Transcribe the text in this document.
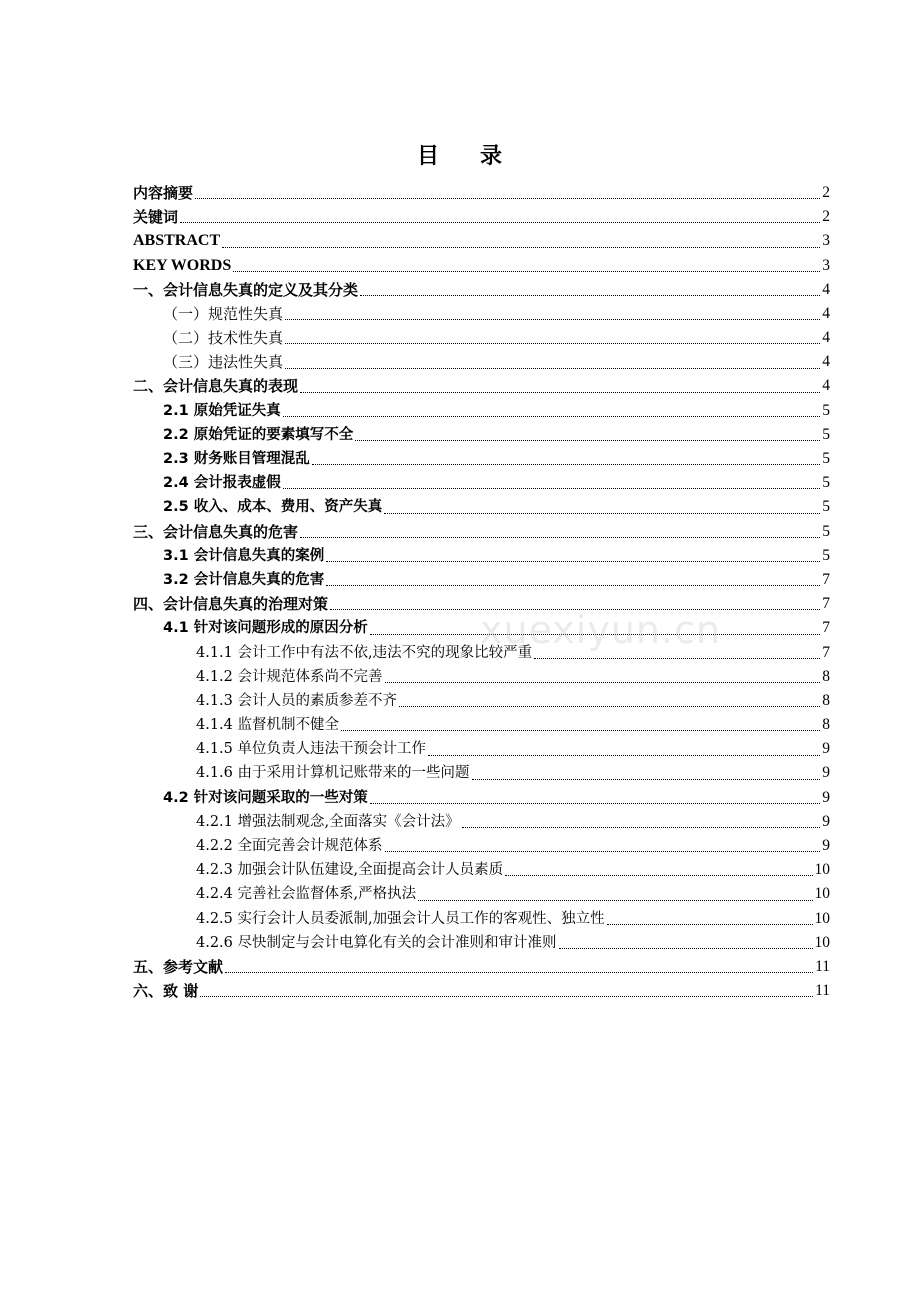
目 录
内容摘要	2
关键词	2
ABSTRACT	3
KEY WORDS	3
一、会计信息失真的定义及其分类	4
（一）规范性失真	4
（二）技术性失真	4
（三）违法性失真	4
二、会计信息失真的表现	4
2.1 原始凭证失真	5
2.2 原始凭证的要素填写不全	5
2.3 财务账目管理混乱	5
2.4 会计报表虚假	5
2.5 收入、成本、费用、资产失真	5
三、会计信息失真的危害	5
3.1 会计信息失真的案例	5
3.2 会计信息失真的危害	7
四、会计信息失真的治理对策	7
4.1 针对该问题形成的原因分析	7
4.1.1 会计工作中有法不依,违法不究的现象比较严重	7
4.1.2 会计规范体系尚不完善	8
4.1.3 会计人员的素质参差不齐	8
4.1.4 监督机制不健全	8
4.1.5 单位负责人违法干预会计工作	9
4.1.6 由于采用计算机记账带来的一些问题	9
4.2 针对该问题采取的一些对策	9
4.2.1 增强法制观念,全面落实《会计法》	9
4.2.2 全面完善会计规范体系	9
4.2.3 加强会计队伍建设,全面提高会计人员素质	10
4.2.4 完善社会监督体系,严格执法	10
4.2.5 实行会计人员委派制,加强会计人员工作的客观性、独立性	10
4.2.6 尽快制定与会计电算化有关的会计准则和审计准则	10
五、参考文献	11
六、致 谢	11
xuexiyun.cn
